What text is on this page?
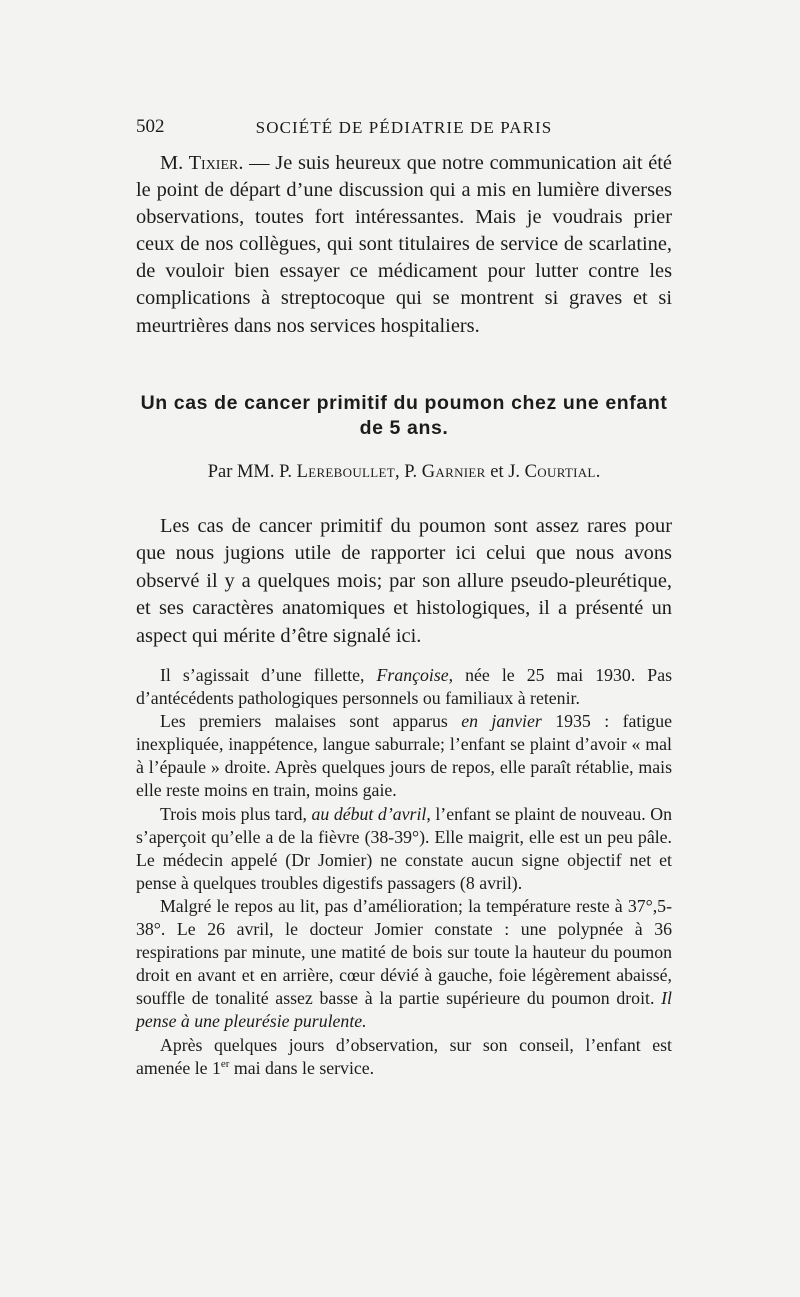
502	SOCIÉTÉ DE PÉDIATRIE DE PARIS

M. Tixier. — Je suis heureux que notre communication ait été le point de départ d’une discussion qui a mis en lumière diverses observations, toutes fort intéressantes. Mais je voudrais prier ceux de nos collègues, qui sont titulaires de service de scarlatine, de vouloir bien essayer ce médicament pour lutter contre les complications à streptocoque qui se montrent si graves et si meurtrières dans nos services hospitaliers.

Un cas de cancer primitif du poumon chez une enfant de 5 ans.

Par MM. P. Lereboullet, P. Garnier et J. Courtial.

Les cas de cancer primitif du poumon sont assez rares pour que nous jugions utile de rapporter ici celui que nous avons observé il y a quelques mois; par son allure pseudo-pleurétique, et ses caractères anatomiques et histologiques, il a présenté un aspect qui mérite d’être signalé ici.

Il s’agissait d’une fillette, Françoise, née le 25 mai 1930. Pas d’antécédents pathologiques personnels ou familiaux à retenir.

Les premiers malaises sont apparus en janvier 1935 : fatigue inexpliquée, inappétence, langue saburrale; l’enfant se plaint d’avoir « mal à l’épaule » droite. Après quelques jours de repos, elle paraît rétablie, mais elle reste moins en train, moins gaie.

Trois mois plus tard, au début d’avril, l’enfant se plaint de nouveau. On s’aperçoit qu’elle a de la fièvre (38-39°). Elle maigrit, elle est un peu pâle. Le médecin appelé (Dr Jomier) ne constate aucun signe objectif net et pense à quelques troubles digestifs passagers (8 avril).

Malgré le repos au lit, pas d’amélioration; la température reste à 37°,5-38°. Le 26 avril, le docteur Jomier constate : une polypnée à 36 respirations par minute, une matité de bois sur toute la hauteur du poumon droit en avant et en arrière, cœur dévié à gauche, foie légèrement abaissé, souffle de tonalité assez basse à la partie supérieure du poumon droit. Il pense à une pleurésie purulente.

Après quelques jours d’observation, sur son conseil, l’enfant est amenée le 1er mai dans le service.
